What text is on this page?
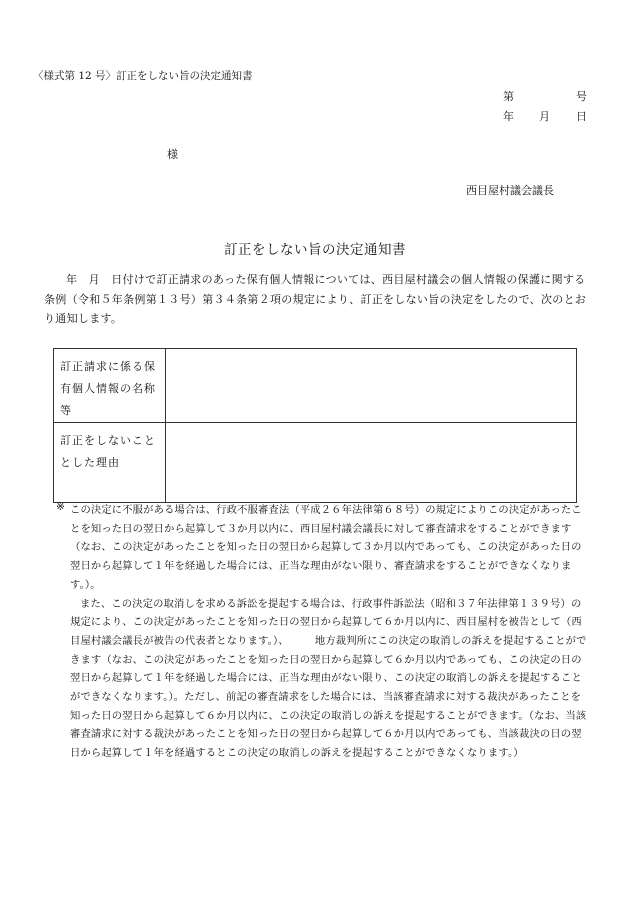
〈様式第 12 号〉訂正をしない旨の決定通知書
第	号
年 月 日
様
西目屋村議会議長
訂正をしない旨の決定通知書
年　月　日付けで訂正請求のあった保有個人情報については、西目屋村議会の個人情報の保護に関する条例（令和５年条例第１３号）第３４条第２項の規定により、訂正をしない旨の決定をしたので、次のとおり通知します。
訂正請求に係る保有個人情報の名称等	
訂正をしないこととした理由	
※ この決定に不服がある場合は、行政不服審査法（平成２６年法律第６８号）の規定によりこの決定があったことを知った日の翌日から起算して３か月以内に、西目屋村議会議長に対して審査請求をすることができます（なお、この決定があったことを知った日の翌日から起算して３か月以内であっても、この決定があった日の翌日から起算して１年を経過した場合には、正当な理由がない限り、審査請求をすることができなくなります。）。

また、この決定の取消しを求める訴訟を提起する場合は、行政事件訴訟法（昭和３７年法律第１３９号）の規定により、この決定があったことを知った日の翌日から起算して６か月以内に、西目屋村を被告として（西目屋村議会議長が被告の代表者となります。）、　　　地方裁判所にこの決定の取消しの訴えを提起することができます（なお、この決定があったことを知った日の翌日から起算して６か月以内であっても、この決定の日の翌日から起算して１年を経過した場合には、正当な理由がない限り、この決定の取消しの訴えを提起することができなくなります。）。ただし、前記の審査請求をした場合には、当該審査請求に対する裁決があったことを知った日の翌日から起算して６か月以内に、この決定の取消しの訴えを提起することができます。（なお、当該審査請求に対する裁決があったことを知った日の翌日から起算して６か月以内であっても、当該裁決の日の翌日から起算して１年を経過するとこの決定の取消しの訴えを提起することができなくなります。）
